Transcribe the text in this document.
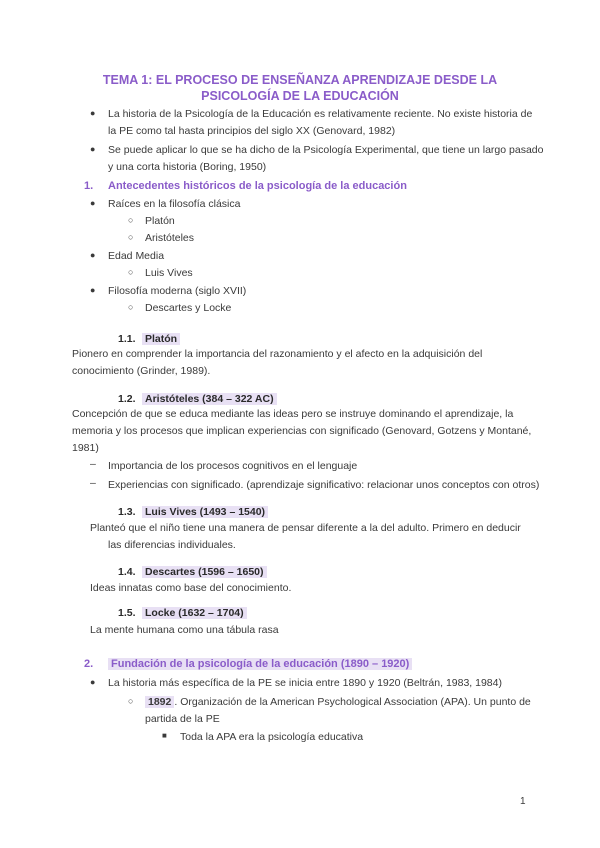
TEMA 1: EL PROCESO DE ENSEÑANZA APRENDIZAJE DESDE LA
PSICOLOGÍA DE LA EDUCACIÓN
● La historia de la Psicología de la Educación es relativamente reciente. No existe historia de
la PE como tal hasta principios del siglo XX (Genovard, 1982)
● Se puede aplicar lo que se ha dicho de la Psicología Experimental, que tiene un largo pasado
y una corta historia (Boring, 1950)
1. Antecedentes históricos de la psicología de la educación
● Raíces en la filosofía clásica
○ Platón
○ Aristóteles
● Edad Media
○ Luis Vives
● Filosofía moderna (siglo XVII)
○ Descartes y Locke
1.1. Platón
Pionero en comprender la importancia del razonamiento y el afecto en la adquisición del
conocimiento (Grinder, 1989).
1.2. Aristóteles (384 – 322 AC)
Concepción de que se educa mediante las ideas pero se instruye dominando el aprendizaje, la
memoria y los procesos que implican experiencias con significado (Genovard, Gotzens y Montané,
1981)
– Importancia de los procesos cognitivos en el lenguaje
– Experiencias con significado. (aprendizaje significativo: relacionar unos conceptos con otros)
1.3. Luis Vives (1493 – 1540)
Planteó que el niño tiene una manera de pensar diferente a la del adulto. Primero en deducir
las diferencias individuales.
1.4. Descartes (1596 – 1650)
Ideas innatas como base del conocimiento.
1.5. Locke (1632 – 1704)
La mente humana como una tábula rasa
2. Fundación de la psicología de la educación (1890 – 1920)
● La historia más específica de la PE se inicia entre 1890 y 1920 (Beltrán, 1983, 1984)
○ 1892 . Organización de la American Psychological Association (APA). Un punto de
partida de la PE
■ Toda la APA era la psicología educativa
1
